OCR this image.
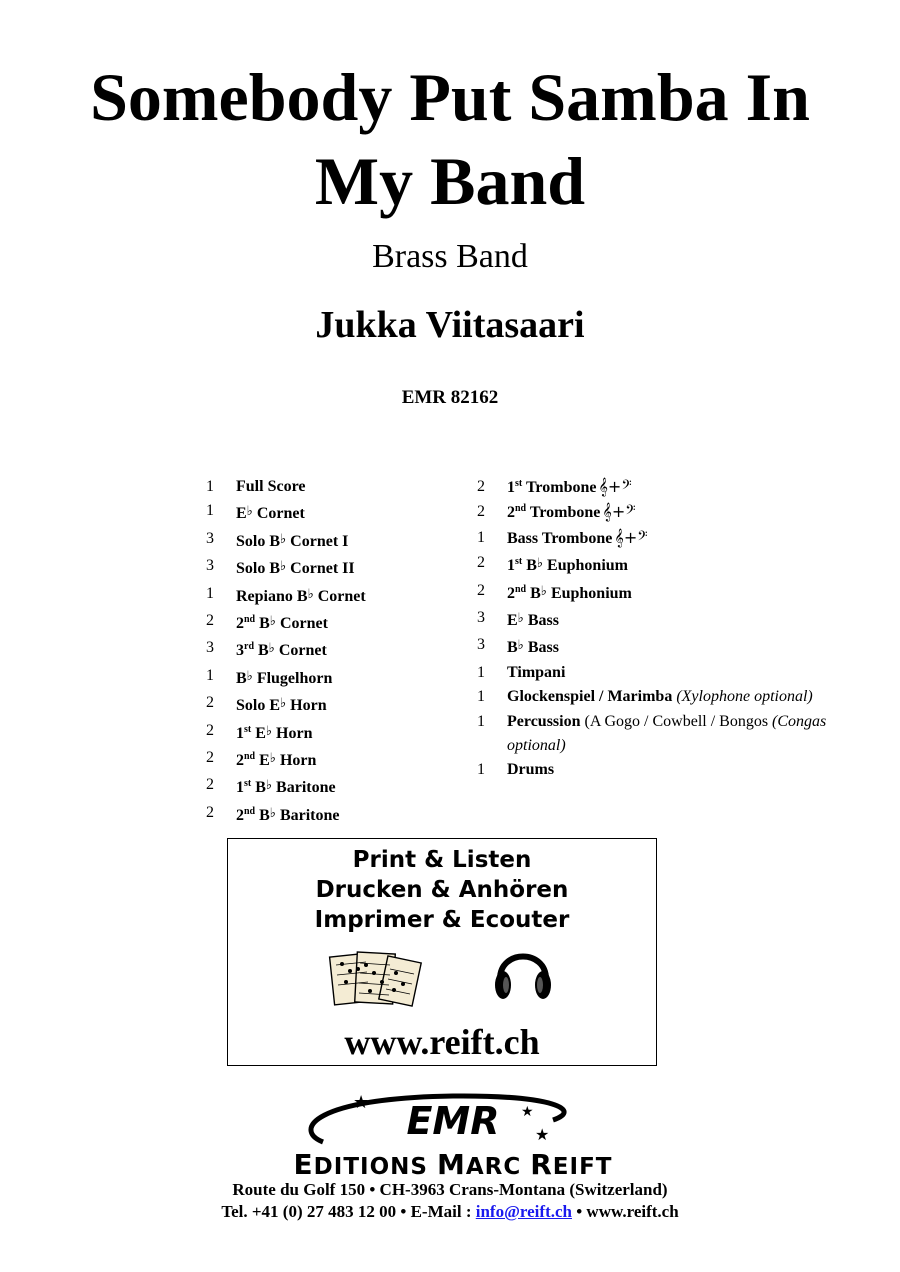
Somebody Put Samba In My Band
Brass Band
Jukka Viitasaari
EMR 82162
1	Full Score
1	E♭ Cornet
3	Solo B♭ Cornet I
3	Solo B♭ Cornet II
1	Repiano B♭ Cornet
2	2nd B♭ Cornet
3	3rd B♭ Cornet
1	B♭ Flugelhorn
2	Solo E♭ Horn
2	1st E♭ Horn
2	2nd E♭ Horn
2	1st B♭ Baritone
2	2nd B♭ Baritone
2	1st Trombone 𝄞+𝄢
2	2nd Trombone 𝄞+𝄢
1	Bass Trombone 𝄞+𝄢
2	1st B♭ Euphonium
2	2nd B♭ Euphonium
3	E♭ Bass
3	B♭ Bass
1	Timpani
1	Glockenspiel / Marimba (Xylophone optional)
1	Percussion (A Gogo / Cowbell / Bongos (Congas optional)
1	Drums
Print & Listen
Drucken & Anhören
Imprimer & Ecouter
www.reift.ch
EMR
★	★
★
EDITIONS MARC REIFT
Route du Golf 150 • CH-3963 Crans-Montana (Switzerland)
Tel. +41 (0) 27 483 12 00 • E-Mail : info@reift.ch • www.reift.ch
